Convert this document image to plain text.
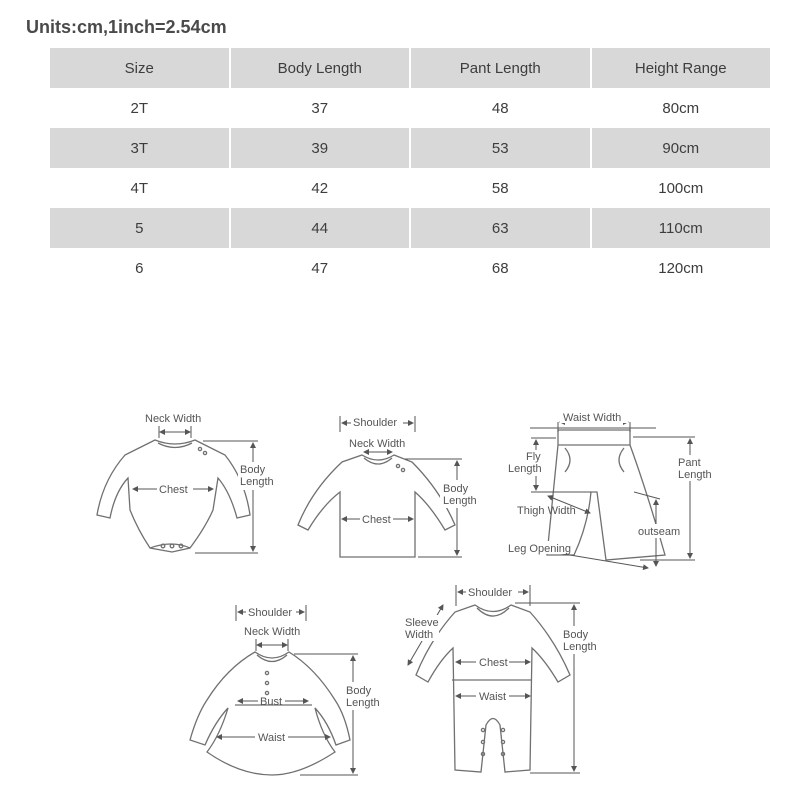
Units:cm,1inch=2.54cm
Size	Body Length	Pant Length	Height Range
2T	37	48	80cm
3T	39	53	90cm
4T	42	58	100cm
5	44	63	110cm
6	47	68	120cm
Neck Width
Chest
Body
Length
Shoulder
Neck Width
Chest
Body
Length
Waist Width
Fly
Length	Pant
Length
Thigh Width
outseam
Leg Opening
Shoulder
Neck Width
Bust
Waist
Body
Length
Shoulder
Sleeve
Width
Chest
Waist
Body
Length
